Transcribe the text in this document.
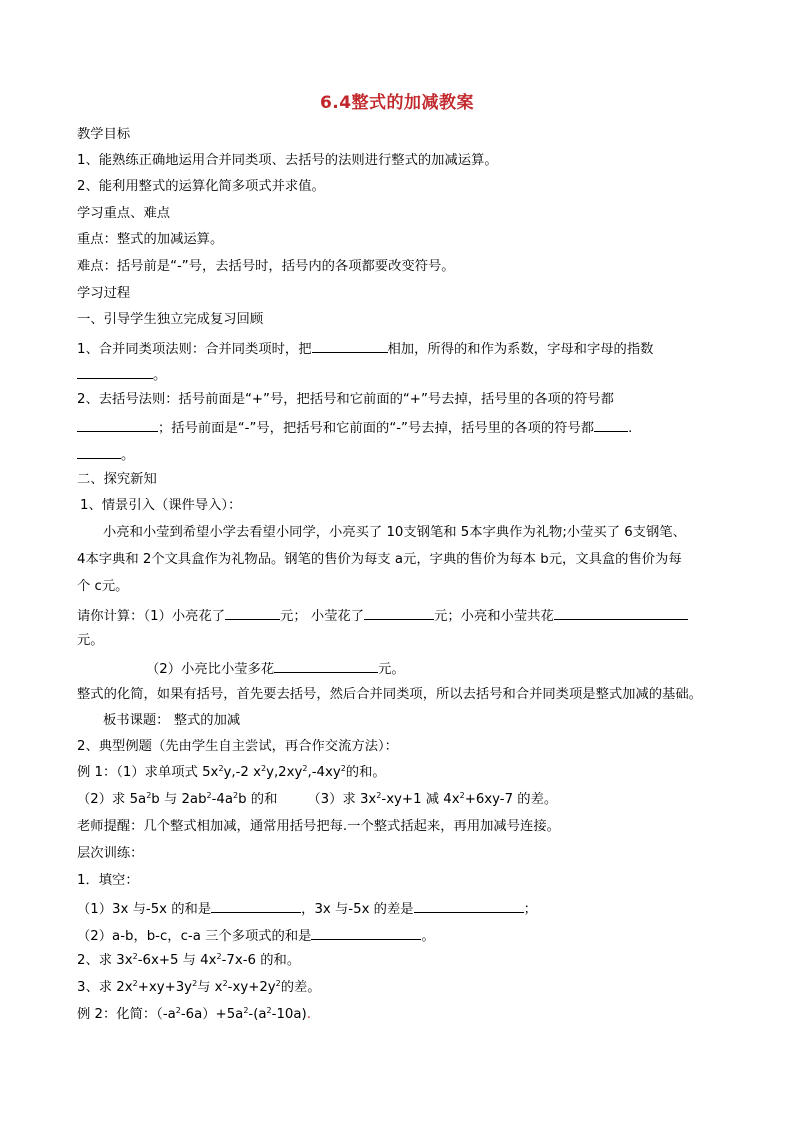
6.4整式的加减教案
教学目标
1、能熟练正确地运用合并同类项、去括号的法则进行整式的加减运算。
2、能利用整式的运算化简多项式并求值。
学习重点、难点
重点：整式的加减运算。
难点：括号前是“-”号，去括号时，括号内的各项都要改变符号。
学习过程
一、引导学生独立完成复习回顾
1、合并同类项法则：合并同类项时，把	相加，所得的和作为系数，字母和字母的指数
。
2、去括号法则：括号前面是“+”号，把括号和它前面的“+”号去掉，括号里的各项的符号都
；括号前面是“-”号，把括号和它前面的“-”号去掉，括号里的各项的符号都	.
。
二、探究新知
1、情景引入（课件导入）：
小亮和小莹到希望小学去看望小同学，小亮买了 10支钢笔和 5本字典作为礼物;小莹买了 6支钢笔、
4本字典和 2个文具盒作为礼物品。钢笔的售价为每支 a元，字典的售价为每本 b元，文具盒的售价为每
个 c元。
请你计算：（1）小亮花了	元； 小莹花了	元；小亮和小莹共花
元。
（2）小亮比小莹多花	元。
整式的化简，如果有括号，首先要去括号，然后合并同类项，所以去括号和合并同类项是整式加减的基础。
板书课题： 整式的加减
2、典型例题（先由学生自主尝试，再合作交流方法）：
例 1：（1）求单项式 $5x^2y,-2$ $x^2y,2xy^2,-4xy^2$的和。
（2）求 $5a^2b$ 与 $2ab^2-4a^2b$ 的和 （3）求 $3x^2-xy+1$ 减 $4x^2+6xy-7$ 的差。
老师提醒：几个整式相加减，通常用括号把每.一个整式括起来，再用加减号连接。
层次训练：
1．填空：
（1）3x 与-5x 的和是	，3x 与-5x 的差是	；
（2）a-b，b-c，c-a 三个多项式的和是	。
2、求 $3x^2-6x+5$ 与 $4x^2-7x-6$ 的和。
3、求 $2x^2+xy+3y^2$与 $x^2-xy+2y^2$的差。
例 2：化简：$(-a^2-6a)+5a^2-(a^2-10a)$.
